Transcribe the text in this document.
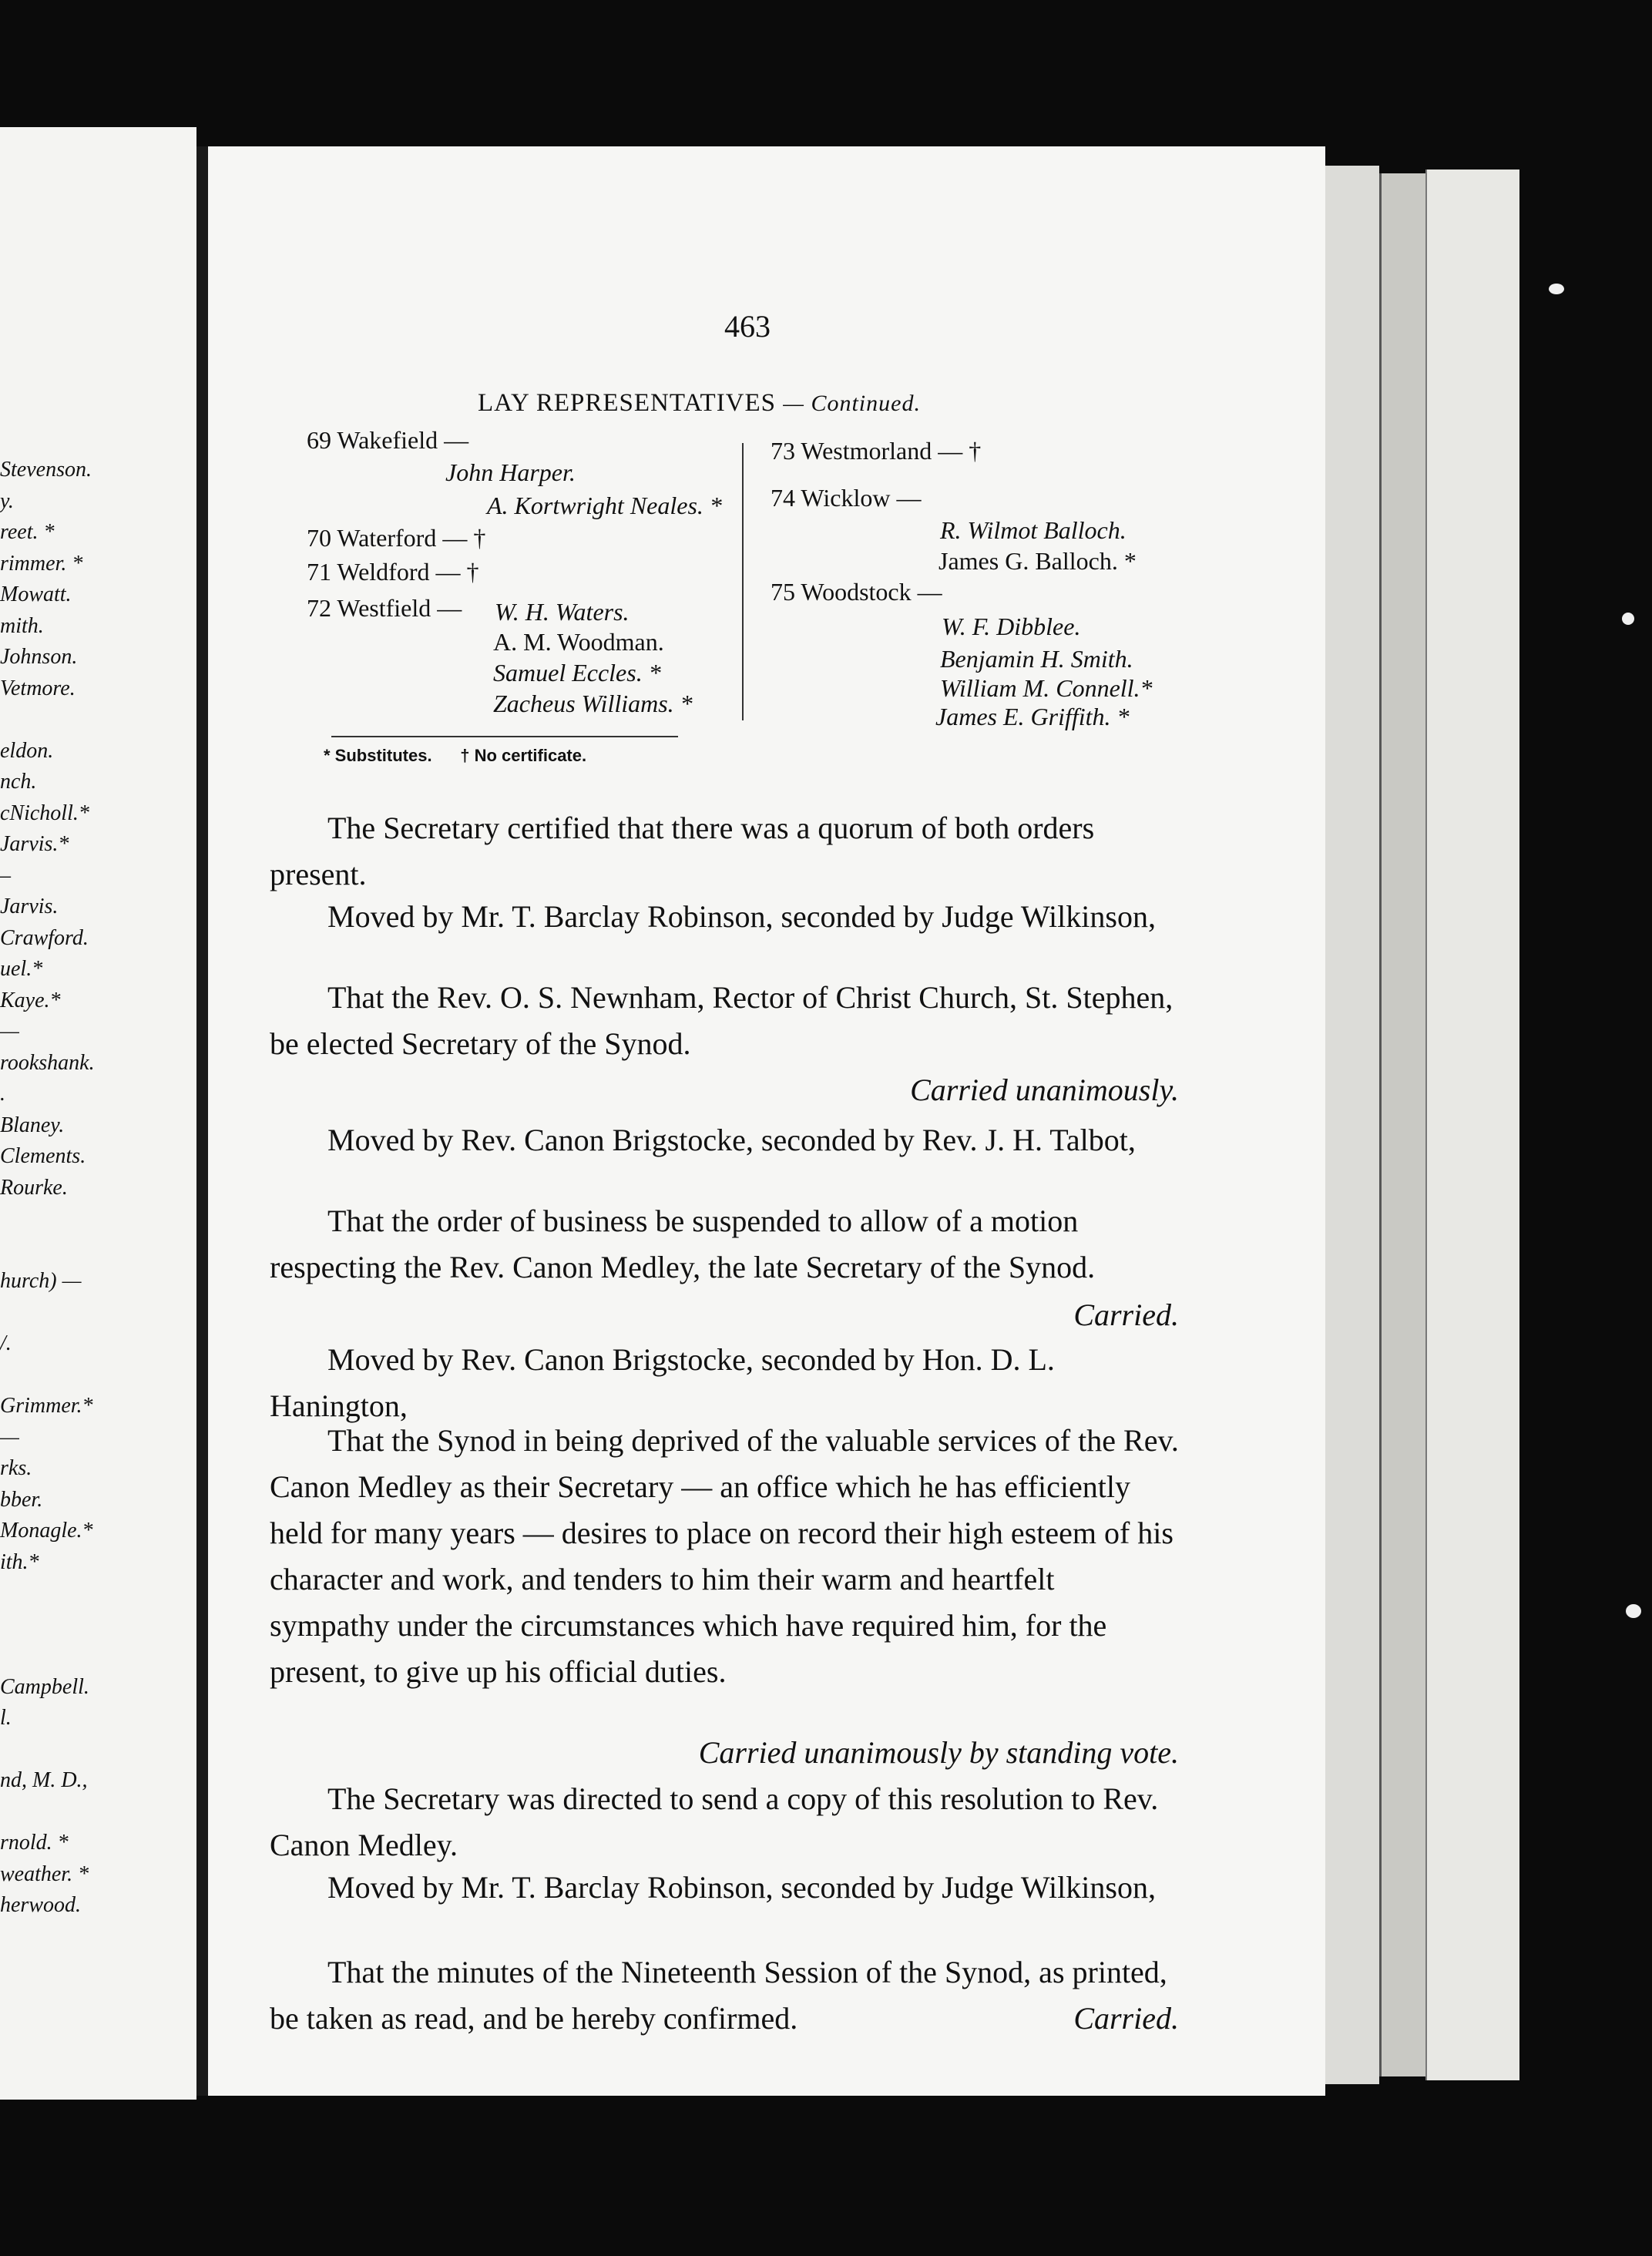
Stevenson.
y.
reet. *
rimmer. *
Mowatt.
mith.
Johnson.
Vetmore.
eldon.
nch.
cNicholl.*
Jarvis.*
–
Jarvis.
Crawford.
uel.*
Kaye.*
—
rookshank.
.
Blaney.
Clements.
Rourke.
hurch) —
/.
Grimmer.*
—
rks.
bber.
Monagle.*
ith.*
Campbell.
l.
nd, M. D.,
rnold. *
weather. *
herwood.
463
LAY REPRESENTATIVES — Continued.
69 Wakefield —
John Harper.
A. Kortwright Neales. *
70 Waterford — †
71 Weldford — †
72 Westfield — W. H. Waters.
A. M. Woodman.
Samuel Eccles. *
Zacheus Williams. *
73 Westmorland — †
74 Wicklow —
R. Wilmot Balloch.
James G. Balloch. *
75 Woodstock —
W. F. Dibblee.
Benjamin H. Smith.
William M. Connell.*
James E. Griffith. *
* Substitutes. † No certificate.
The Secretary certified that there was a quorum of both orders present.
Moved by Mr. T. Barclay Robinson, seconded by Judge Wilkinson,
That the Rev. O. S. Newnham, Rector of Christ Church, St. Stephen, be elected Secretary of the Synod.
Carried unanimously.
Moved by Rev. Canon Brigstocke, seconded by Rev. J. H. Talbot,
That the order of business be suspended to allow of a motion respecting the Rev. Canon Medley, the late Secretary of the Synod.
Carried.
Moved by Rev. Canon Brigstocke, seconded by Hon. D. L. Hanington,
That the Synod in being deprived of the valuable services of the Rev. Canon Medley as their Secretary — an office which he has efficiently held for many years — desires to place on record their high esteem of his character and work, and tenders to him their warm and heartfelt sympathy under the circumstances which have required him, for the present, to give up his official duties.
Carried unanimously by standing vote.
The Secretary was directed to send a copy of this resolution to Rev. Canon Medley.
Moved by Mr. T. Barclay Robinson, seconded by Judge Wilkinson,
That the minutes of the Nineteenth Session of the Synod, as printed, be taken as read, and be hereby confirmed.	Carried.
